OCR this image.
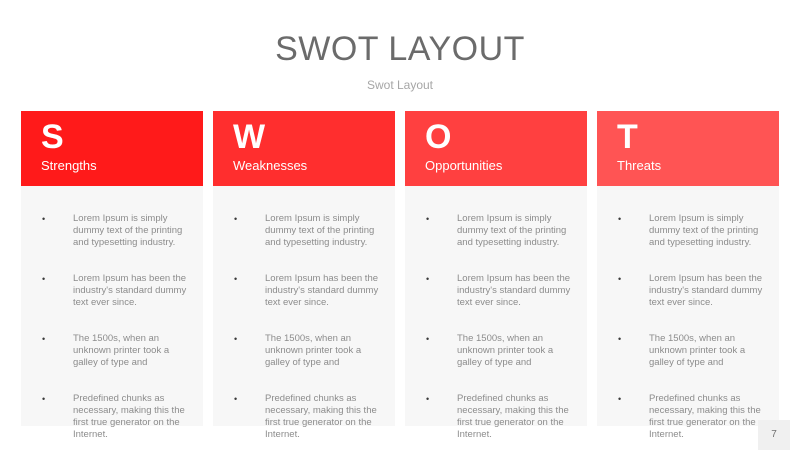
SWOT LAYOUT
Swot Layout
S
Strengths
•	Lorem Ipsum is simply dummy text of the printing and typesetting industry.
•	Lorem Ipsum has been the industry's standard dummy text ever since.
•	The 1500s, when an unknown printer took a galley of type and
•	Predefined chunks as necessary, making this the first true generator on the Internet.
W
Weaknesses
•	Lorem Ipsum is simply dummy text of the printing and typesetting industry.
•	Lorem Ipsum has been the industry's standard dummy text ever since.
•	The 1500s, when an unknown printer took a galley of type and
•	Predefined chunks as necessary, making this the first true generator on the Internet.
O
Opportunities
•	Lorem Ipsum is simply dummy text of the printing and typesetting industry.
•	Lorem Ipsum has been the industry's standard dummy text ever since.
•	The 1500s, when an unknown printer took a galley of type and
•	Predefined chunks as necessary, making this the first true generator on the Internet.
T
Threats
•	Lorem Ipsum is simply dummy text of the printing and typesetting industry.
•	Lorem Ipsum has been the industry's standard dummy text ever since.
•	The 1500s, when an unknown printer took a galley of type and
•	Predefined chunks as necessary, making this the first true generator on the Internet.	7
